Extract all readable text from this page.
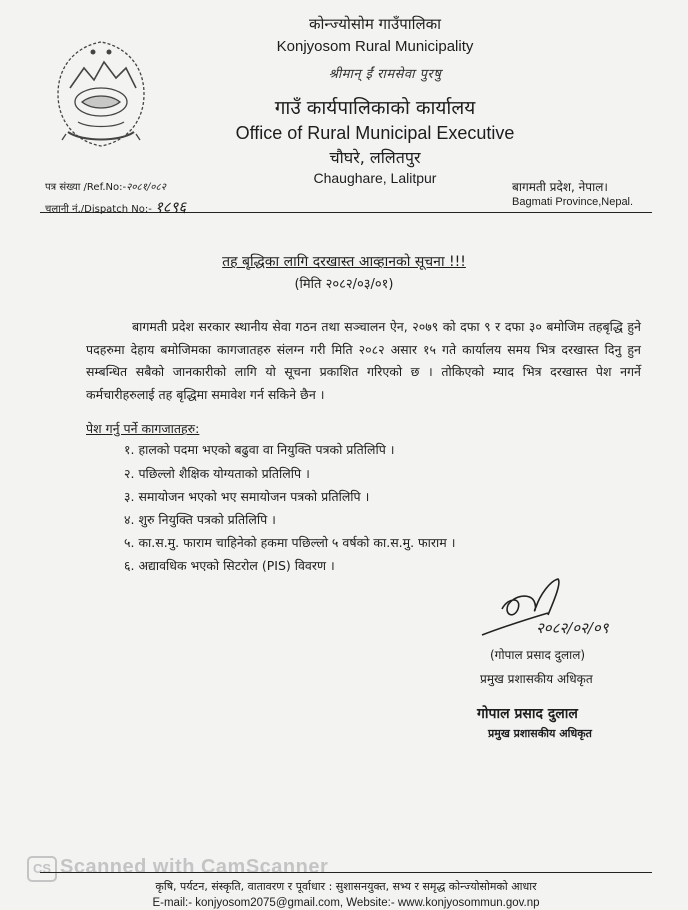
कोन्ज्योसोम गाउँपालिका
Konjyosom Rural Municipality
श्रीमान् ईं रामसेवा पुरषु
गाउँ कार्यपालिकाको कार्यालय
Office of Rural Municipal Executive
चौघरे, ललितपुर
Chaughare, Lalitpur
पत्र संख्या /Ref.No:-२०८१/०८२
चलानी नं./Dispatch No:- १८९६
बागमती प्रदेश, नेपाल।
Bagmati Province,Nepal.
तह बृद्धिका लागि दरखास्त आव्हानको सूचना !!!
(मिति २०८२/०३/०१)
बागमती प्रदेश सरकार स्थानीय सेवा गठन तथा सञ्चालन ऐन, २०७९ को दफा ९ र दफा ३० बमोजिम तहबृद्धि हुने पदहरुमा देहाय बमोजिमका कागजातहरु संलग्न गरी मिति २०८२ असार १५ गते कार्यालय समय भित्र दरखास्त दिनु हुन सम्बन्धित सबैको जानकारीको लागि यो सूचना प्रकाशित गरिएको छ । तोकिएको म्याद भित्र दरखास्त पेश नगर्ने कर्मचारीहरुलाई तह बृद्धिमा समावेश गर्न सकिने छैन ।
पेश गर्नु पर्ने कागजातहरु:
१. हालको पदमा भएको बढुवा वा नियुक्ति पत्रको प्रतिलिपि ।
२. पछिल्लो शैक्षिक योग्यताको प्रतिलिपि ।
३. समायोजन भएको भए समायोजन पत्रको प्रतिलिपि ।
४. शुरु नियुक्ति पत्रको प्रतिलिपि ।
५. का.स.मु. फाराम चाहिनेको हकमा पछिल्लो ५ वर्षको का.स.मु. फाराम ।
६. अद्यावधिक भएको सिटरोल (PIS) विवरण ।
२०८२/०२/०९
(गोपाल प्रसाद दुलाल)
प्रमुख प्रशासकीय अधिकृत
गोपाल प्रसाद दुलाल
प्रमुख प्रशासकीय अधिकृत
CS Scanned with CamScanner
कृषि, पर्यटन, संस्कृति, वातावरण र पूर्वाधार : सुशासनयुक्त, सभ्य र समृद्ध कोन्ज्योसोमको आधार
E-mail:- konjyosom2075@gmail.com, Website:- www.konjyosommun.gov.np
